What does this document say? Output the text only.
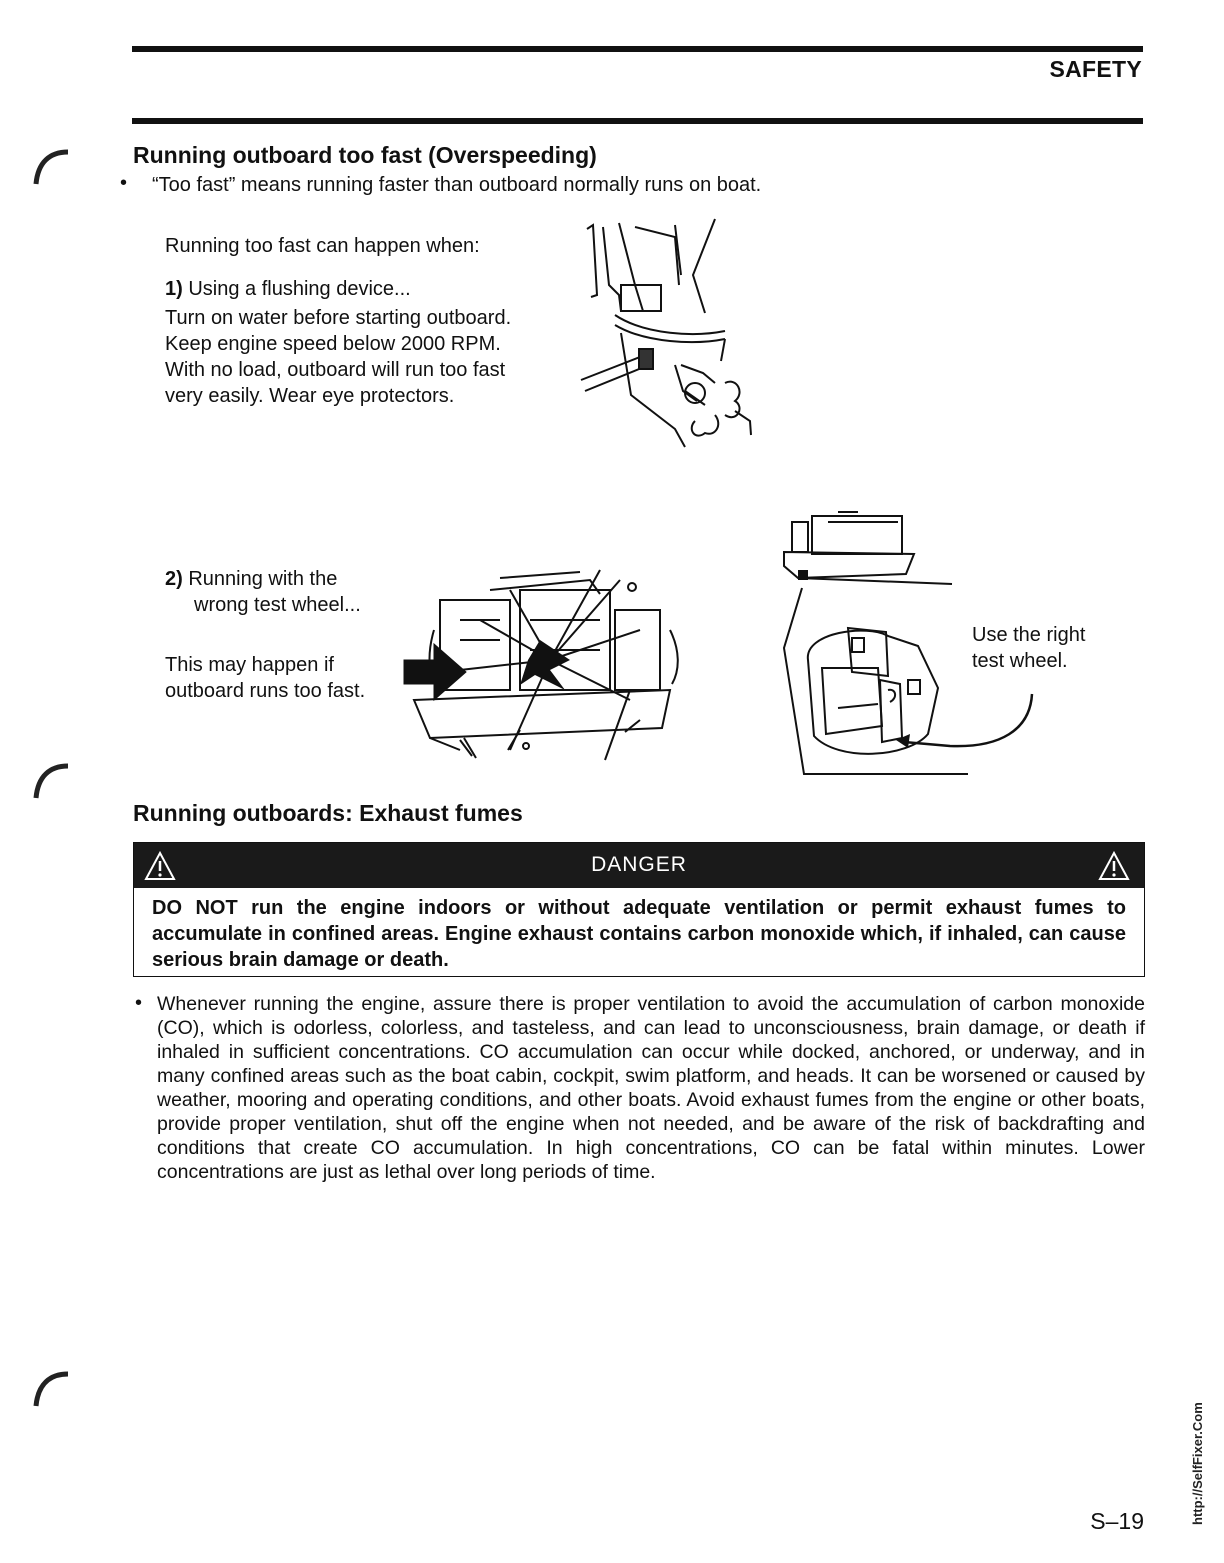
SAFETY
Running outboard too fast (Overspeeding)
• “Too fast” means running faster than outboard normally runs on boat.
Running too fast can happen when:
1) Using a flushing device...
Turn on water before starting outboard.
Keep engine speed below 2000 RPM.
With no load, outboard will run too fast
very easily. Wear eye protectors.
2) Running with the
wrong test wheel...
This may happen if
outboard runs too fast.
Use the right
test wheel.
Running outboards: Exhaust fumes
DANGER
DO NOT run the engine indoors or without adequate ventilation or permit exhaust fumes to accumulate in confined areas. Engine exhaust contains carbon monoxide which, if inhaled, can cause serious brain damage or death.
• Whenever running the engine, assure there is proper ventilation to avoid the accumulation of carbon monoxide (CO), which is odorless, colorless, and tasteless, and can lead to unconsciousness, brain damage, or death if inhaled in sufficient concentrations. CO accumulation can occur while docked, anchored, or underway, and in many confined areas such as the boat cabin, cockpit, swim platform, and heads. It can be worsened or caused by weather, mooring and operating conditions, and other boats. Avoid exhaust fumes from the engine or other boats, provide proper ventilation, shut off the engine when not needed, and be aware of the risk of backdrafting and conditions that create CO accumulation. In high concentrations, CO can be fatal within minutes. Lower concentrations are just as lethal over long periods of time.
S–19	http://SelfFixer.Com
